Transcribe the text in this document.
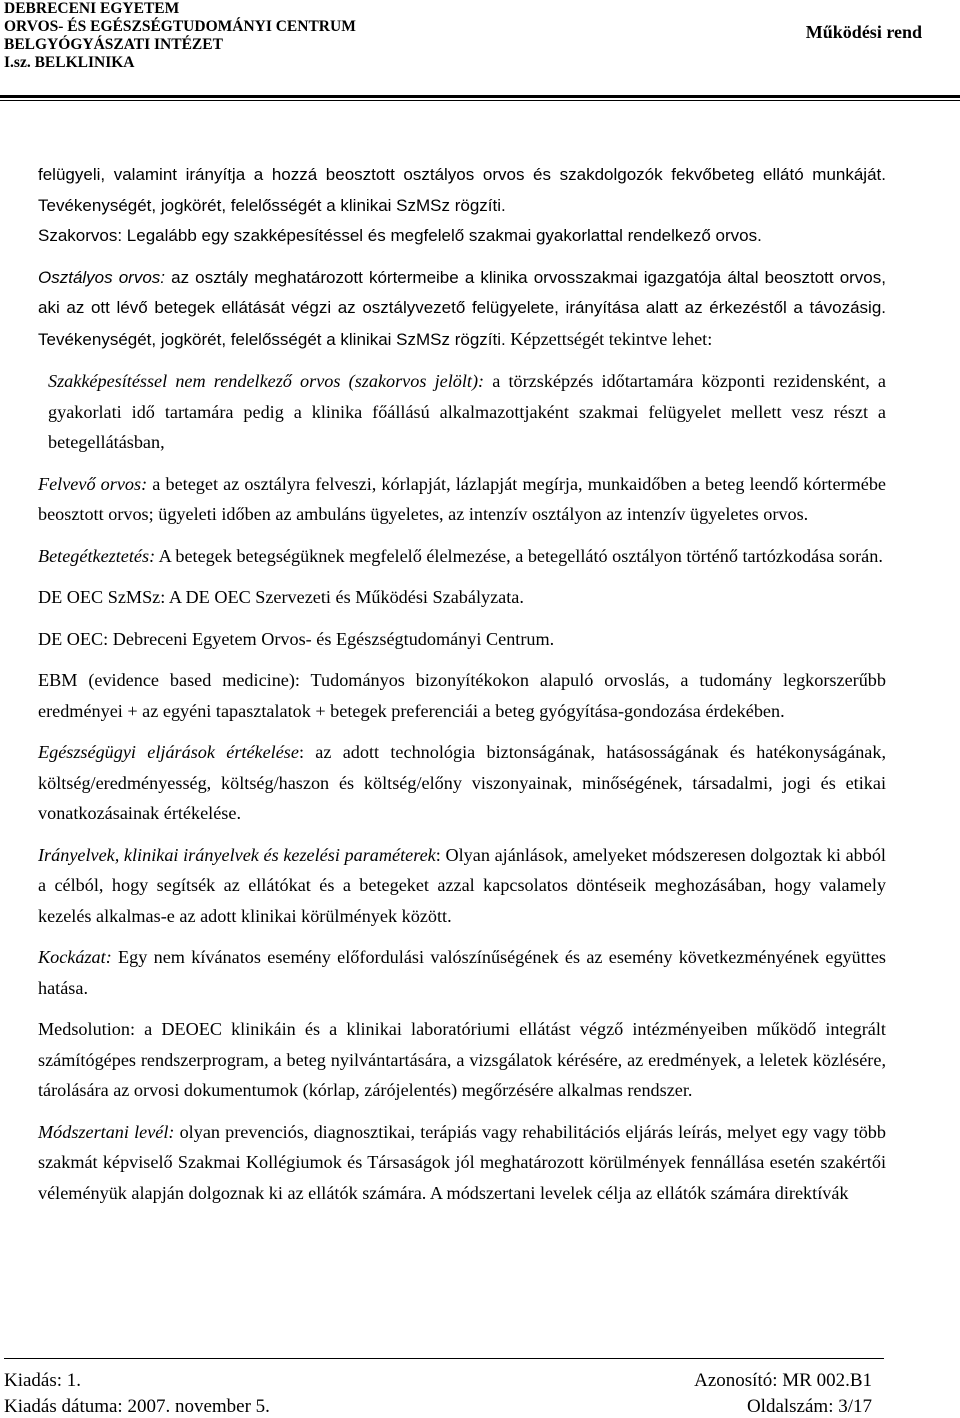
DEBRECENI EGYETEM
ORVOS- ÉS EGÉSZSÉGTUDOMÁNYI CENTRUM
BELGYÓGYÁSZATI INTÉZET
I.sz. BELKLINIKA
Működési rend

felügyeli, valamint irányítja a hozzá beosztott osztályos orvos és szakdolgozók fekvőbeteg ellátó munkáját. Tevékenységét, jogkörét, felelősségét a klinikai SzMSz rögzíti.

Szakorvos: Legalább egy szakképesítéssel és megfelelő szakmai gyakorlattal rendelkező orvos.

Osztályos orvos: az osztály meghatározott kórtermeibe a klinika orvosszakmai igazgatója által beosztott orvos, aki az ott lévő betegek ellátását végzi az osztályvezető felügyelete, irányítása alatt az érkezéstől a távozásig. Tevékenységét, jogkörét, felelősségét a klinikai SzMSz rögzíti. Képzettségét tekintve lehet:

Szakképesítéssel nem rendelkező orvos (szakorvos jelölt): a törzsképzés időtartamára központi rezidensként, a gyakorlati idő tartamára pedig a klinika főállású alkalmazottjaként szakmai felügyelet mellett vesz részt a betegellátásban,

Felvevő orvos: a beteget az osztályra felveszi, kórlapját, lázlapját megírja, munkaidőben a beteg leendő kórtermébe beosztott orvos; ügyeleti időben az ambuláns ügyeletes, az intenzív osztályon az intenzív ügyeletes orvos.

Betegétkeztetés: A betegek betegségüknek megfelelő élelmezése, a betegellátó osztályon történő tartózkodása során.

DE OEC SzMSz: A DE OEC Szervezeti és Működési Szabályzata.

DE OEC: Debreceni Egyetem Orvos- és Egészségtudományi Centrum.

EBM (evidence based medicine): Tudományos bizonyítékokon alapuló orvoslás, a tudomány legkorszerűbb eredményei + az egyéni tapasztalatok + betegek preferenciái a beteg gyógyítása-gondozása érdekében.

Egészségügyi eljárások értékelése: az adott technológia biztonságának, hatásosságának és hatékonyságának, költség/eredményesség, költség/haszon és költség/előny viszonyainak, minőségének, társadalmi, jogi és etikai vonatkozásainak értékelése.

Irányelvek, klinikai irányelvek és kezelési paraméterek: Olyan ajánlások, amelyeket módszeresen dolgoztak ki abból a célból, hogy segítsék az ellátókat és a betegeket azzal kapcsolatos döntéseik meghozásában, hogy valamely kezelés alkalmas-e az adott klinikai körülmények között.

Kockázat: Egy nem kívánatos esemény előfordulási valószínűségének és az esemény következményének együttes hatása.

Medsolution: a DEOEC klinikáin és a klinikai laboratóriumi ellátást végző intézményeiben működő integrált számítógépes rendszerprogram, a beteg nyilvántartására, a vizsgálatok kérésére, az eredmények, a leletek közlésére, tárolására az orvosi dokumentumok (kórlap, zárójelentés) megőrzésére alkalmas rendszer.

Módszertani levél: olyan prevenciós, diagnosztikai, terápiás vagy rehabilitációs eljárás leírás, melyet egy vagy több szakmát képviselő Szakmai Kollégiumok és Társaságok jól meghatározott körülmények fennállása esetén szakértői véleményük alapján dolgoznak ki az ellátók számára. A módszertani levelek célja az ellátók számára direktívák

Kiadás: 1.	Azonosító: MR 002.B1
Kiadás dátuma: 2007. november 5.	Oldalszám: 3/17
